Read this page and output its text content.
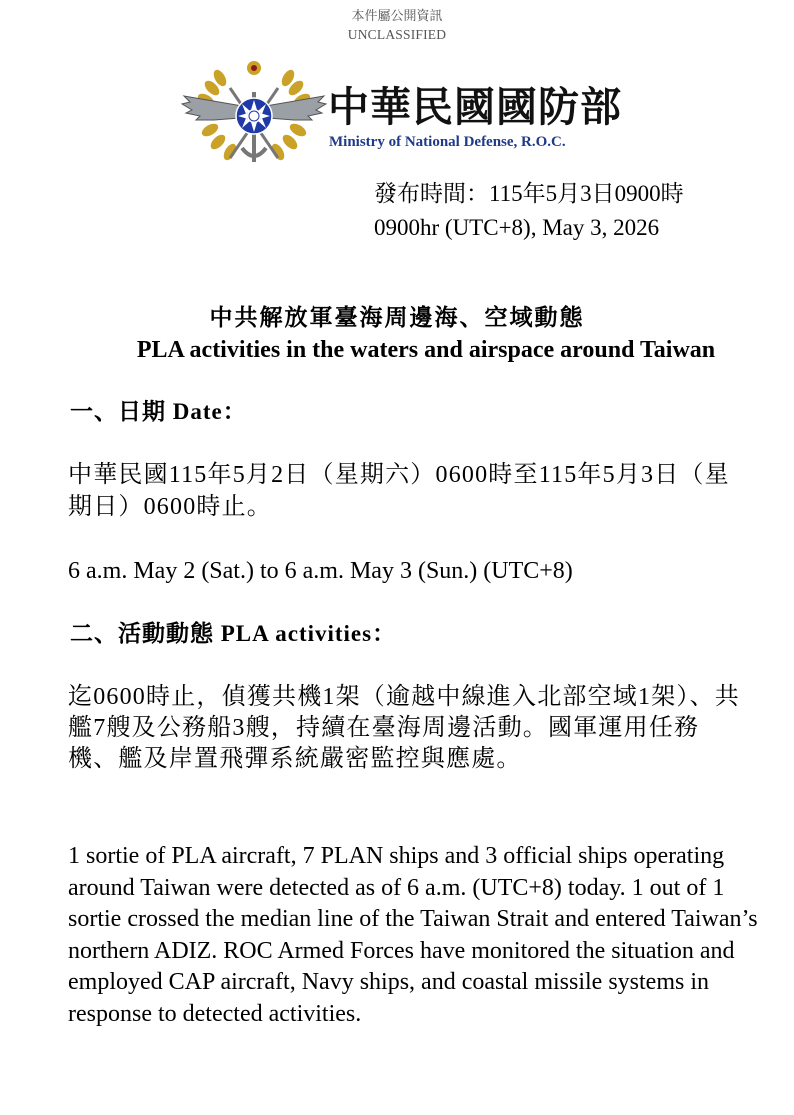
本件屬公開資訊
UNCLASSIFIED
中華民國國防部
Ministry of National Defense, R.O.C.
發布時間：115年5月3日0900時
0900hr (UTC+8), May 3, 2026
中共解放軍臺海周邊海、空域動態
PLA activities in the waters and airspace around Taiwan
一、日期 Date：
中華民國115年5月2日（星期六）0600時至115年5月3日（星期日）0600時止。
6 a.m. May 2 (Sat.) to 6 a.m. May 3 (Sun.) (UTC+8)
二、活動動態 PLA activities：
迄0600時止，偵獲共機1架（逾越中線進入北部空域1架）、共艦7艘及公務船3艘，持續在臺海周邊活動。國軍運用任務機、艦及岸置飛彈系統嚴密監控與應處。
1 sortie of PLA aircraft, 7 PLAN ships and 3 official ships operating around Taiwan were detected as of 6 a.m. (UTC+8) today. 1 out of 1 sortie crossed the median line of the Taiwan Strait and entered Taiwan’s northern ADIZ. ROC Armed Forces have monitored the situation and employed CAP aircraft, Navy ships, and coastal missile systems in response to detected activities.
